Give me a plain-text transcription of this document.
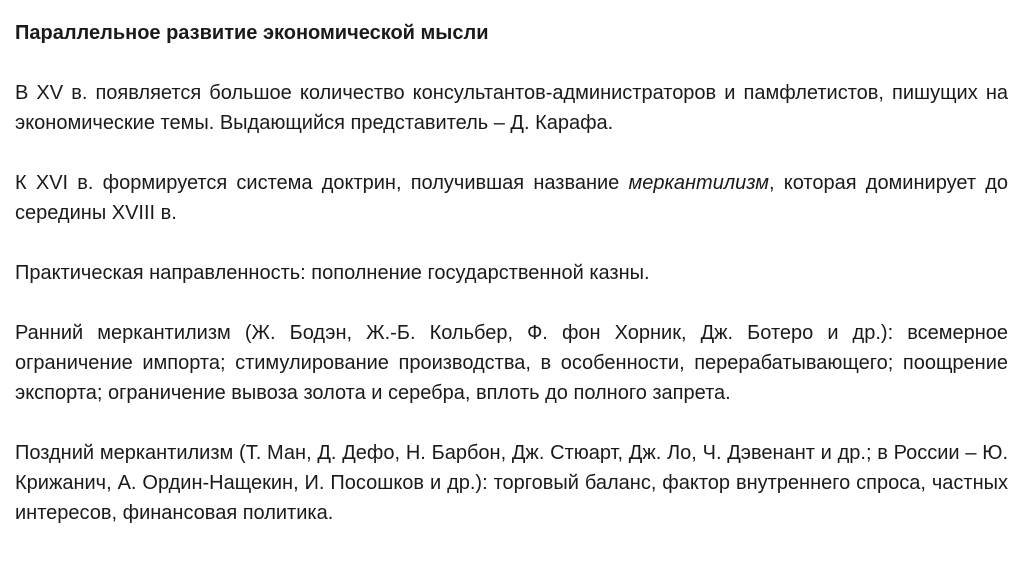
Параллельное развитие экономической мысли

В XV в. появляется большое количество консультантов-администраторов и памфлетистов, пишущих на экономические темы. Выдающийся представитель – Д. Карафа.

К XVI в. формируется система доктрин, получившая название меркантилизм, которая доминирует до середины XVIII в.

Практическая направленность: пополнение государственной казны.

Ранний меркантилизм (Ж. Бодэн, Ж.-Б. Кольбер, Ф. фон Хорник, Дж. Ботеро и др.): всемерное ограничение импорта; стимулирование производства, в особенности, перерабатывающего; поощрение экспорта; ограничение вывоза золота и серебра, вплоть до полного запрета.

Поздний меркантилизм (Т. Ман, Д. Дефо, Н. Барбон, Дж. Стюарт, Дж. Ло, Ч. Дэвенант и др.; в России – Ю. Крижанич, А. Ордин-Нащекин, И. Посошков и др.): торговый баланс, фактор внутреннего спроса, частных интересов, финансовая политика.
